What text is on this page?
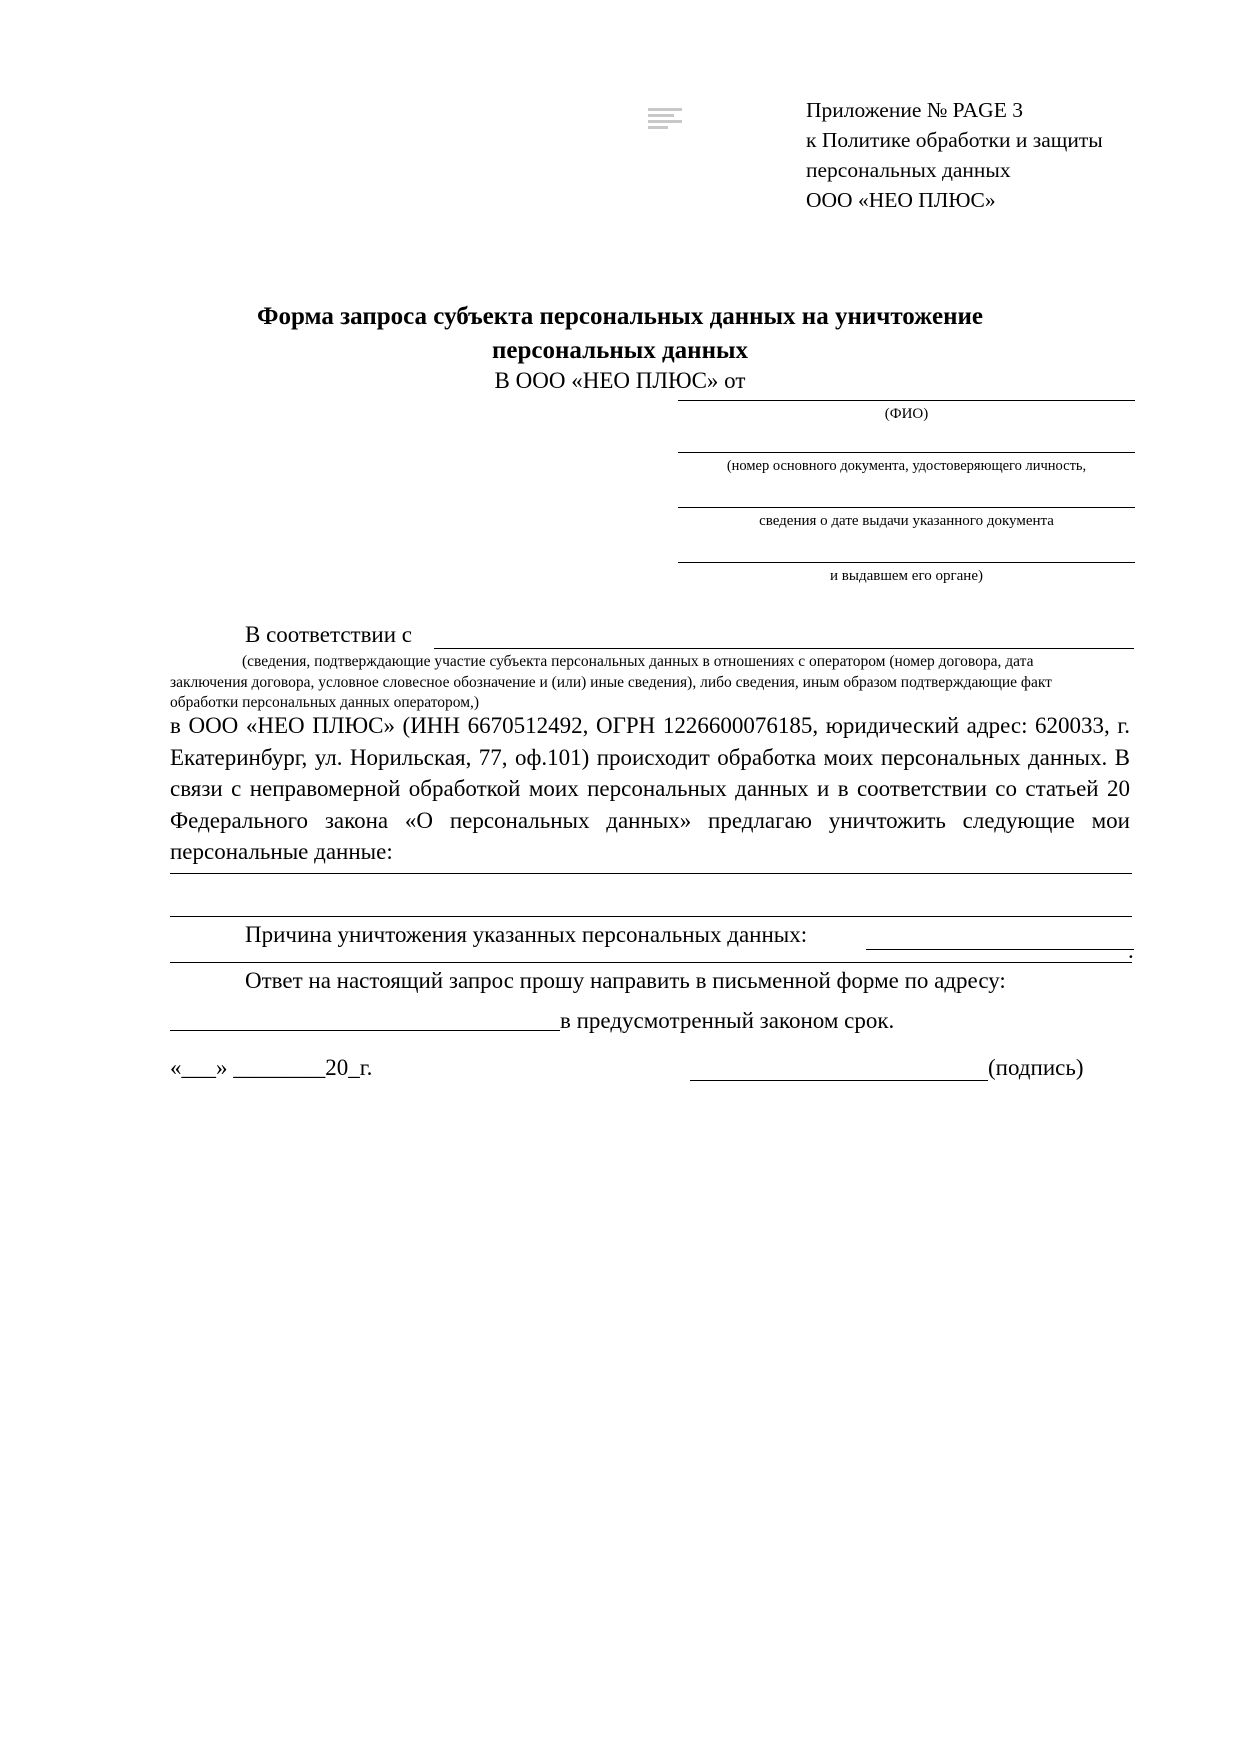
Приложение № PAGE 3
к Политике обработки и защиты
персональных данных
ООО «НЕО ПЛЮС»
Форма запроса субъекта персональных данных на уничтожение
персональных данных
В ООО «НЕО ПЛЮС» от
(ФИО)
(номер основного документа, удостоверяющего личность,
сведения о дате выдачи указанного документа
и выдавшем его органе)
В соответствии с
(сведения, подтверждающие участие субъекта персональных данных в отношениях с оператором (номер договора, дата
заключения договора, условное словесное обозначение и (или) иные сведения), либо сведения, иным образом подтверждающие факт
обработки персональных данных оператором,)
в ООО «НЕО ПЛЮС» (ИНН 6670512492, ОГРН 1226600076185, юридический адрес: 620033, г. Екатеринбург, ул. Норильская, 77, оф.101) происходит обработка моих персональных данных. В связи с неправомерной обработкой моих персональных данных и в соответствии со статьей 20 Федерального закона «О персональных данных» предлагаю уничтожить следующие мои персональные данные:
Причина уничтожения указанных персональных данных:
.
Ответ на настоящий запрос прошу направить в письменной форме по адресу:
в предусмотренный законом срок.
«___» ________20_г.	(подпись)
